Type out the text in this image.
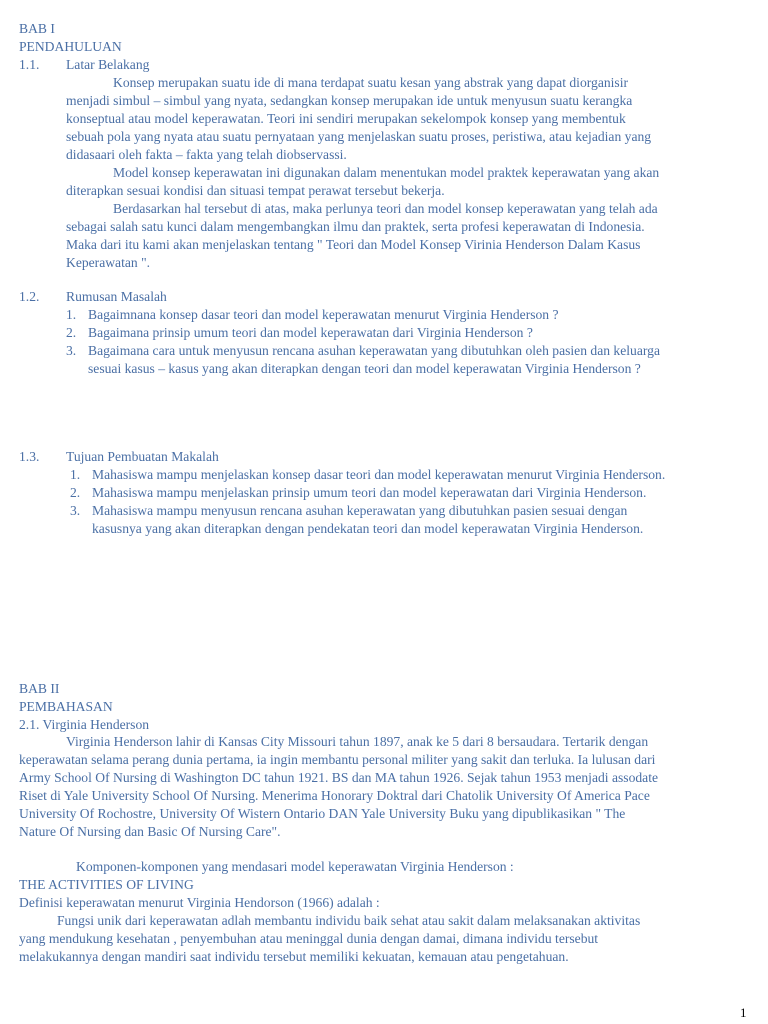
BAB I
PENDAHULUAN
1.1. Latar Belakang
Konsep merupakan suatu ide di mana terdapat suatu kesan yang abstrak yang dapat diorganisir
menjadi simbul – simbul yang nyata, sedangkan konsep merupakan ide untuk menyusun suatu kerangka
konseptual atau model keperawatan. Teori ini sendiri merupakan sekelompok konsep yang membentuk
sebuah pola yang nyata atau suatu pernyataan yang menjelaskan suatu proses, peristiwa, atau kejadian yang
didasaari oleh fakta – fakta yang telah diobservassi.
Model konsep keperawatan ini digunakan dalam menentukan model praktek keperawatan yang akan
diterapkan sesuai kondisi dan situasi tempat perawat tersebut bekerja.
Berdasarkan hal tersebut di atas, maka perlunya teori dan model konsep keperawatan yang telah ada
sebagai salah satu kunci dalam mengembangkan ilmu dan praktek, serta profesi keperawatan di Indonesia.
Maka dari itu kami akan menjelaskan tentang " Teori dan Model Konsep Virinia Henderson Dalam Kasus
Keperawatan ".
1.2. Rumusan Masalah
1. Bagaimnana konsep dasar teori dan model keperawatan menurut Virginia Henderson ?
2. Bagaimana prinsip umum teori dan model keperawatan dari Virginia Henderson ?
3. Bagaimana cara untuk menyusun rencana asuhan keperawatan yang dibutuhkan oleh pasien dan keluarga
sesuai kasus – kasus yang akan diterapkan dengan teori dan model keperawatan Virginia Henderson ?
1.3. Tujuan Pembuatan Makalah
1. Mahasiswa mampu menjelaskan konsep dasar teori dan model keperawatan menurut Virginia Henderson.
2. Mahasiswa mampu menjelaskan prinsip umum teori dan model keperawatan dari Virginia Henderson.
3. Mahasiswa mampu menyusun rencana asuhan keperawatan yang dibutuhkan pasien sesuai dengan
kasusnya yang akan diterapkan dengan pendekatan teori dan model keperawatan Virginia Henderson.
BAB II
PEMBAHASAN
2.1. Virginia Henderson
Virginia Henderson lahir di Kansas City Missouri tahun 1897, anak ke 5 dari 8 bersaudara. Tertarik dengan
keperawatan selama perang dunia pertama, ia ingin membantu personal militer yang sakit dan terluka. Ia lulusan dari
Army School Of Nursing di Washington DC tahun 1921. BS dan MA tahun 1926. Sejak tahun 1953 menjadi assodate
Riset di Yale University School Of Nursing. Menerima Honorary Doktral dari Chatolik University Of America Pace
University Of Rochostre, University Of Wistern Ontario DAN Yale University Buku yang dipublikasikan " The
Nature Of Nursing dan Basic Of Nursing Care".
Komponen-komponen yang mendasari model keperawatan Virginia Henderson :
THE ACTIVITIES OF LIVING
Definisi keperawatan menurut Virginia Hendorson (1966) adalah :
Fungsi unik dari keperawatan adlah membantu individu baik sehat atau sakit dalam melaksanakan aktivitas
yang mendukung kesehatan , penyembuhan atau meninggal dunia dengan damai, dimana individu tersebut
melakukannya dengan mandiri saat individu tersebut memiliki kekuatan, kemauan atau pengetahuan.
1
